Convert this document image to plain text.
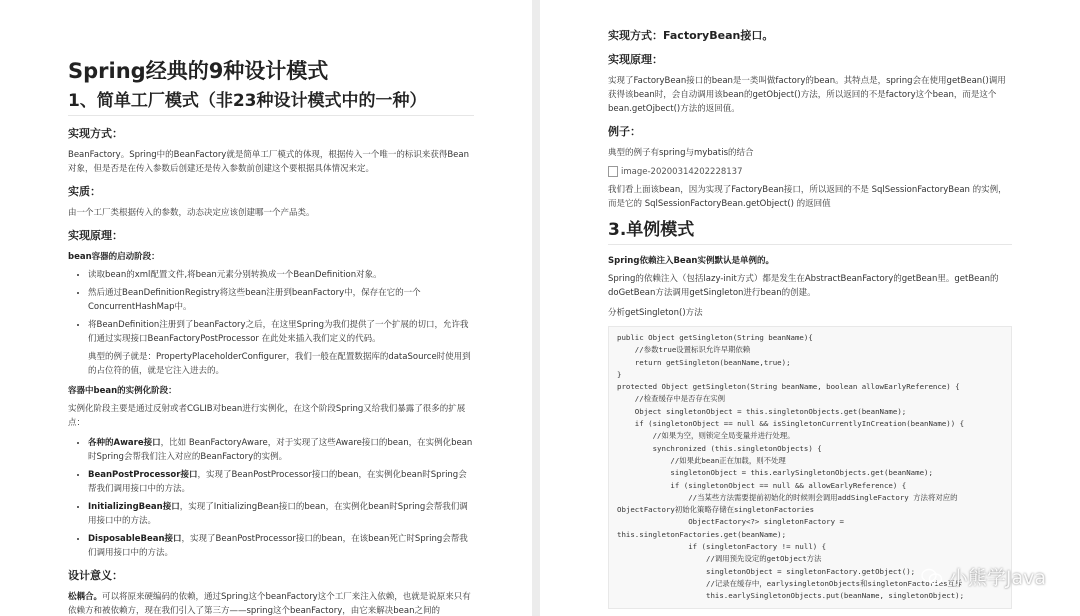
Spring经典的9种设计模式
1、简单工厂模式（非23种设计模式中的一种）
实现方式：

BeanFactory。Spring中的BeanFactory就是简单工厂模式的体现，根据传入一个唯一的标识来获得Bean对象，但是否是在传入参数后创建还是传入参数前创建这个要根据具体情况来定。

实质：

由一个工厂类根据传入的参数，动态决定应该创建哪一个产品类。

实现原理：
bean容器的启动阶段：
• 读取bean的xml配置文件,将bean元素分别转换成一个BeanDefinition对象。
• 然后通过BeanDefinitionRegistry将这些bean注册到beanFactory中，保存在它的一个ConcurrentHashMap中。
• 将BeanDefinition注册到了beanFactory之后，在这里Spring为我们提供了一个扩展的切口，允许我们通过实现接口BeanFactoryPostProcessor 在此处来插入我们定义的代码。

典型的例子就是：PropertyPlaceholderConfigurer，我们一般在配置数据库的dataSource时使用到的占位符的值，就是它注入进去的。

容器中bean的实例化阶段：

实例化阶段主要是通过反射或者CGLIB对bean进行实例化，在这个阶段Spring又给我们暴露了很多的扩展点：

• 各种的Aware接口，比如 BeanFactoryAware，对于实现了这些Aware接口的bean，在实例化bean时Spring会帮我们注入对应的BeanFactory的实例。
• BeanPostProcessor接口，实现了BeanPostProcessor接口的bean，在实例化bean时Spring会帮我们调用接口中的方法。
• InitializingBean接口，实现了InitializingBean接口的bean，在实例化bean时Spring会帮我们调用接口中的方法。
• DisposableBean接口，实现了BeanPostProcessor接口的bean，在该bean死亡时Spring会帮我们调用接口中的方法。
设计意义：

松耦合。可以将原来硬编码的依赖，通过Spring这个beanFactory这个工厂来注入依赖，也就是说原来只有依赖方和被依赖方，现在我们引入了第三方——spring这个beanFactory，由它来解决bean之间的

实现方式：FactoryBean接口。
实现原理：

实现了FactoryBean接口的bean是一类叫做factory的bean。其特点是，spring会在使用getBean()调用获得该bean时，会自动调用该bean的getObject()方法，所以返回的不是factory这个bean，而是这个bean.getOjbect()方法的返回值。

例子：

典型的例子有spring与mybatis的结合

image-20200314202228137

我们看上面该bean，因为实现了FactoryBean接口，所以返回的不是 SqlSessionFactoryBean 的实例，而是它的 SqlSessionFactoryBean.getObject() 的返回值

3.单例模式
Spring依赖注入Bean实例默认是单例的。

Spring的依赖注入（包括lazy-init方式）都是发生在AbstractBeanFactory的getBean里。getBean的doGetBean方法调用getSingleton进行bean的创建。

分析getSingleton()方法

public Object getSingleton(String beanName){
//参数true设置标识允许早期依赖
return getSingleton(beanName,true);
}
protected Object getSingleton(String beanName, boolean allowEarlyReference) {
//检查缓存中是否存在实例
Object singletonObject = this.singletonObjects.get(beanName);
if (singletonObject == null && isSingletonCurrentlyInCreation(beanName)) {
//如果为空，则锁定全局变量并进行处理。
synchronized (this.singletonObjects) {
//如果此bean正在加载，则不处理
singletonObject = this.earlySingletonObjects.get(beanName);
if (singletonObject == null && allowEarlyReference) {
//当某些方法需要提前初始化的时候则会调用addSingleFactory 方法将对应的
ObjectFactory初始化策略存储在singletonFactories
ObjectFactory<?> singletonFactory =
this.singletonFactories.get(beanName);
if (singletonFactory != null) {
//调用预先设定的getObject方法
singletonObject = singletonFactory.getObject();
//记录在缓存中，earlysingletonObjects和singletonFactories互斥
this.earlySingletonObjects.put(beanName, singletonObject);
小熊学Java
